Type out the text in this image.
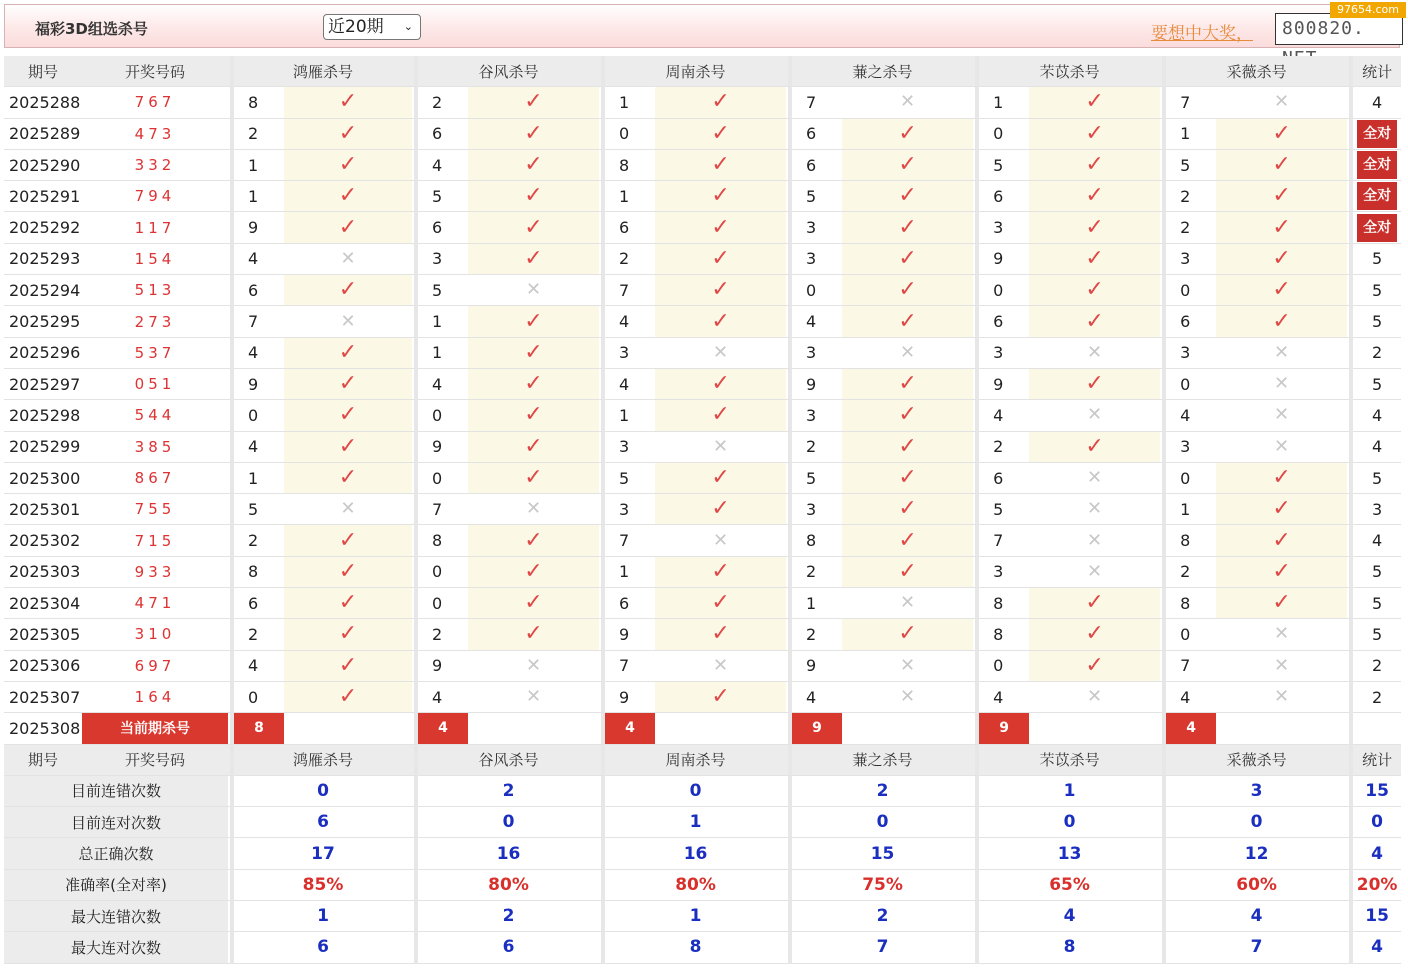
福彩3D组选杀号	近20期 ⌄	要想中大奖，	800820.
97654.com
期号	开奖号码		鸿雁杀号			谷风杀号			周南杀号			蒹之杀号			芣苡杀号			采薇杀号			统计
2025288	767		8	✓		2	✓		1	✓		7	✕		1	✓		7	✕		4
2025289	473		2	✓		6	✓		0	✓		6	✓		0	✓		1	✓		全对
2025290	332		1	✓		4	✓		8	✓		6	✓		5	✓		5	✓		全对
2025291	794		1	✓		5	✓		1	✓		5	✓		6	✓		2	✓		全对
2025292	117		9	✓		6	✓		6	✓		3	✓		3	✓		2	✓		全对
2025293	154		4	✕		3	✓		2	✓		3	✓		9	✓		3	✓		5
2025294	513		6	✓		5	✕		7	✓		0	✓		0	✓		0	✓		5
2025295	273		7	✕		1	✓		4	✓		4	✓		6	✓		6	✓		5
2025296	537		4	✓		1	✓		3	✕		3	✕		3	✕		3	✕		2
2025297	051		9	✓		4	✓		4	✓		9	✓		9	✓		0	✕		5
2025298	544		0	✓		0	✓		1	✓		3	✓		4	✕		4	✕		4
2025299	385		4	✓		9	✓		3	✕		2	✓		2	✓		3	✕		4
2025300	867		1	✓		0	✓		5	✓		5	✓		6	✕		0	✓		5
2025301	755		5	✕		7	✕		3	✓		3	✓		5	✕		1	✓		3
2025302	715		2	✓		8	✓		7	✕		8	✓		7	✕		8	✓		4
2025303	933		8	✓		0	✓		1	✓		2	✓		3	✕		2	✓		5
2025304	471		6	✓		0	✓		6	✓		1	✕		8	✓		8	✓		5
2025305	310		2	✓		2	✓		9	✓		2	✓		8	✓		0	✕		5
2025306	697		4	✓		9	✕		7	✕		9	✕		0	✓		7	✕		2
2025307	164		0	✓		4	✕		9	✓		4	✕		4	✕		4	✕		2
2025308	当前期杀号		8			4			4			9			9			4			
期号	开奖号码		鸿雁杀号			谷风杀号			周南杀号			蒹之杀号			芣苡杀号			采薇杀号			统计
目前连错次数			0			2			0			2			1			3			15
目前连对次数			6			0			1			0			0			0			0
总正确次数			17			16			16			15			13			12			4
准确率(全对率)			85%			80%			80%			75%			65%			60%			20%
最大连错次数			1			2			1			2			4			4			15
最大连对次数			6			6			8			7			8			7			4
